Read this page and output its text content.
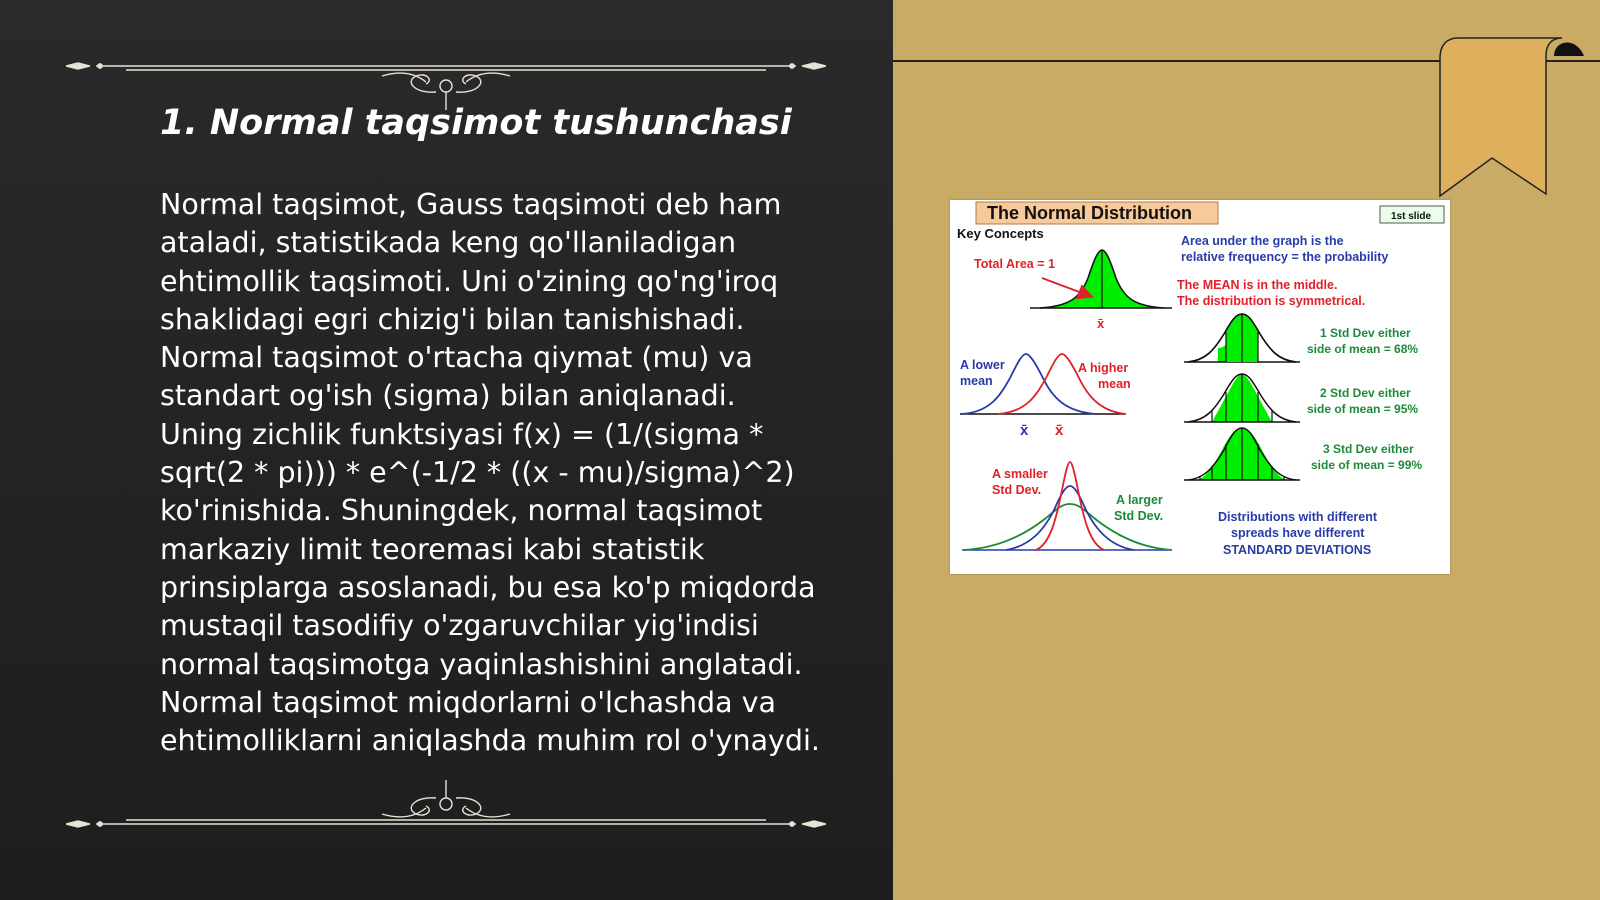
1. Normal taqsimot tushunchasi

Normal taqsimot, Gauss taqsimoti deb ham ataladi, statistikada keng qo'llaniladigan ehtimollik taqsimoti. Uni o'zining qo'ng'iroq shaklidagi egri chizig'i bilan tanishishadi. Normal taqsimot o'rtacha qiymat (mu) va standart og'ish (sigma) bilan aniqlanadi. Uning zichlik funktsiyasi f(x) = (1/(sigma * sqrt(2 * pi))) * e^(-1/2 * ((x - mu)/sigma)^2) ko'rinishida. Shuningdek, normal taqsimot markaziy limit teoremasi kabi statistik prinsiplarga asoslanadi, bu esa ko'p miqdorda mustaqil tasodifiy o'zgaruvchilar yig'indisi normal taqsimotga yaqinlashishini anglatadi. Normal taqsimot miqdorlarni o'lchashda va ehtimolliklarni aniqlashda muhim rol o'ynaydi.

The Normal Distribution	1st slide
Key Concepts	Area under the graph is the
relative frequency = the probability
Total Area = 1
x̄
The MEAN is in the middle.
The distribution is symmetrical.
A lower
mean
A higher
mean
x̄ x̄
1 Std Dev either
side of mean = 68%
2 Std Dev either
side of mean = 95%
3 Std Dev either
side of mean = 99%
A smaller
Std Dev.
A larger
Std Dev.	Distributions with different
spreads have different
STANDARD DEVIATIONS
